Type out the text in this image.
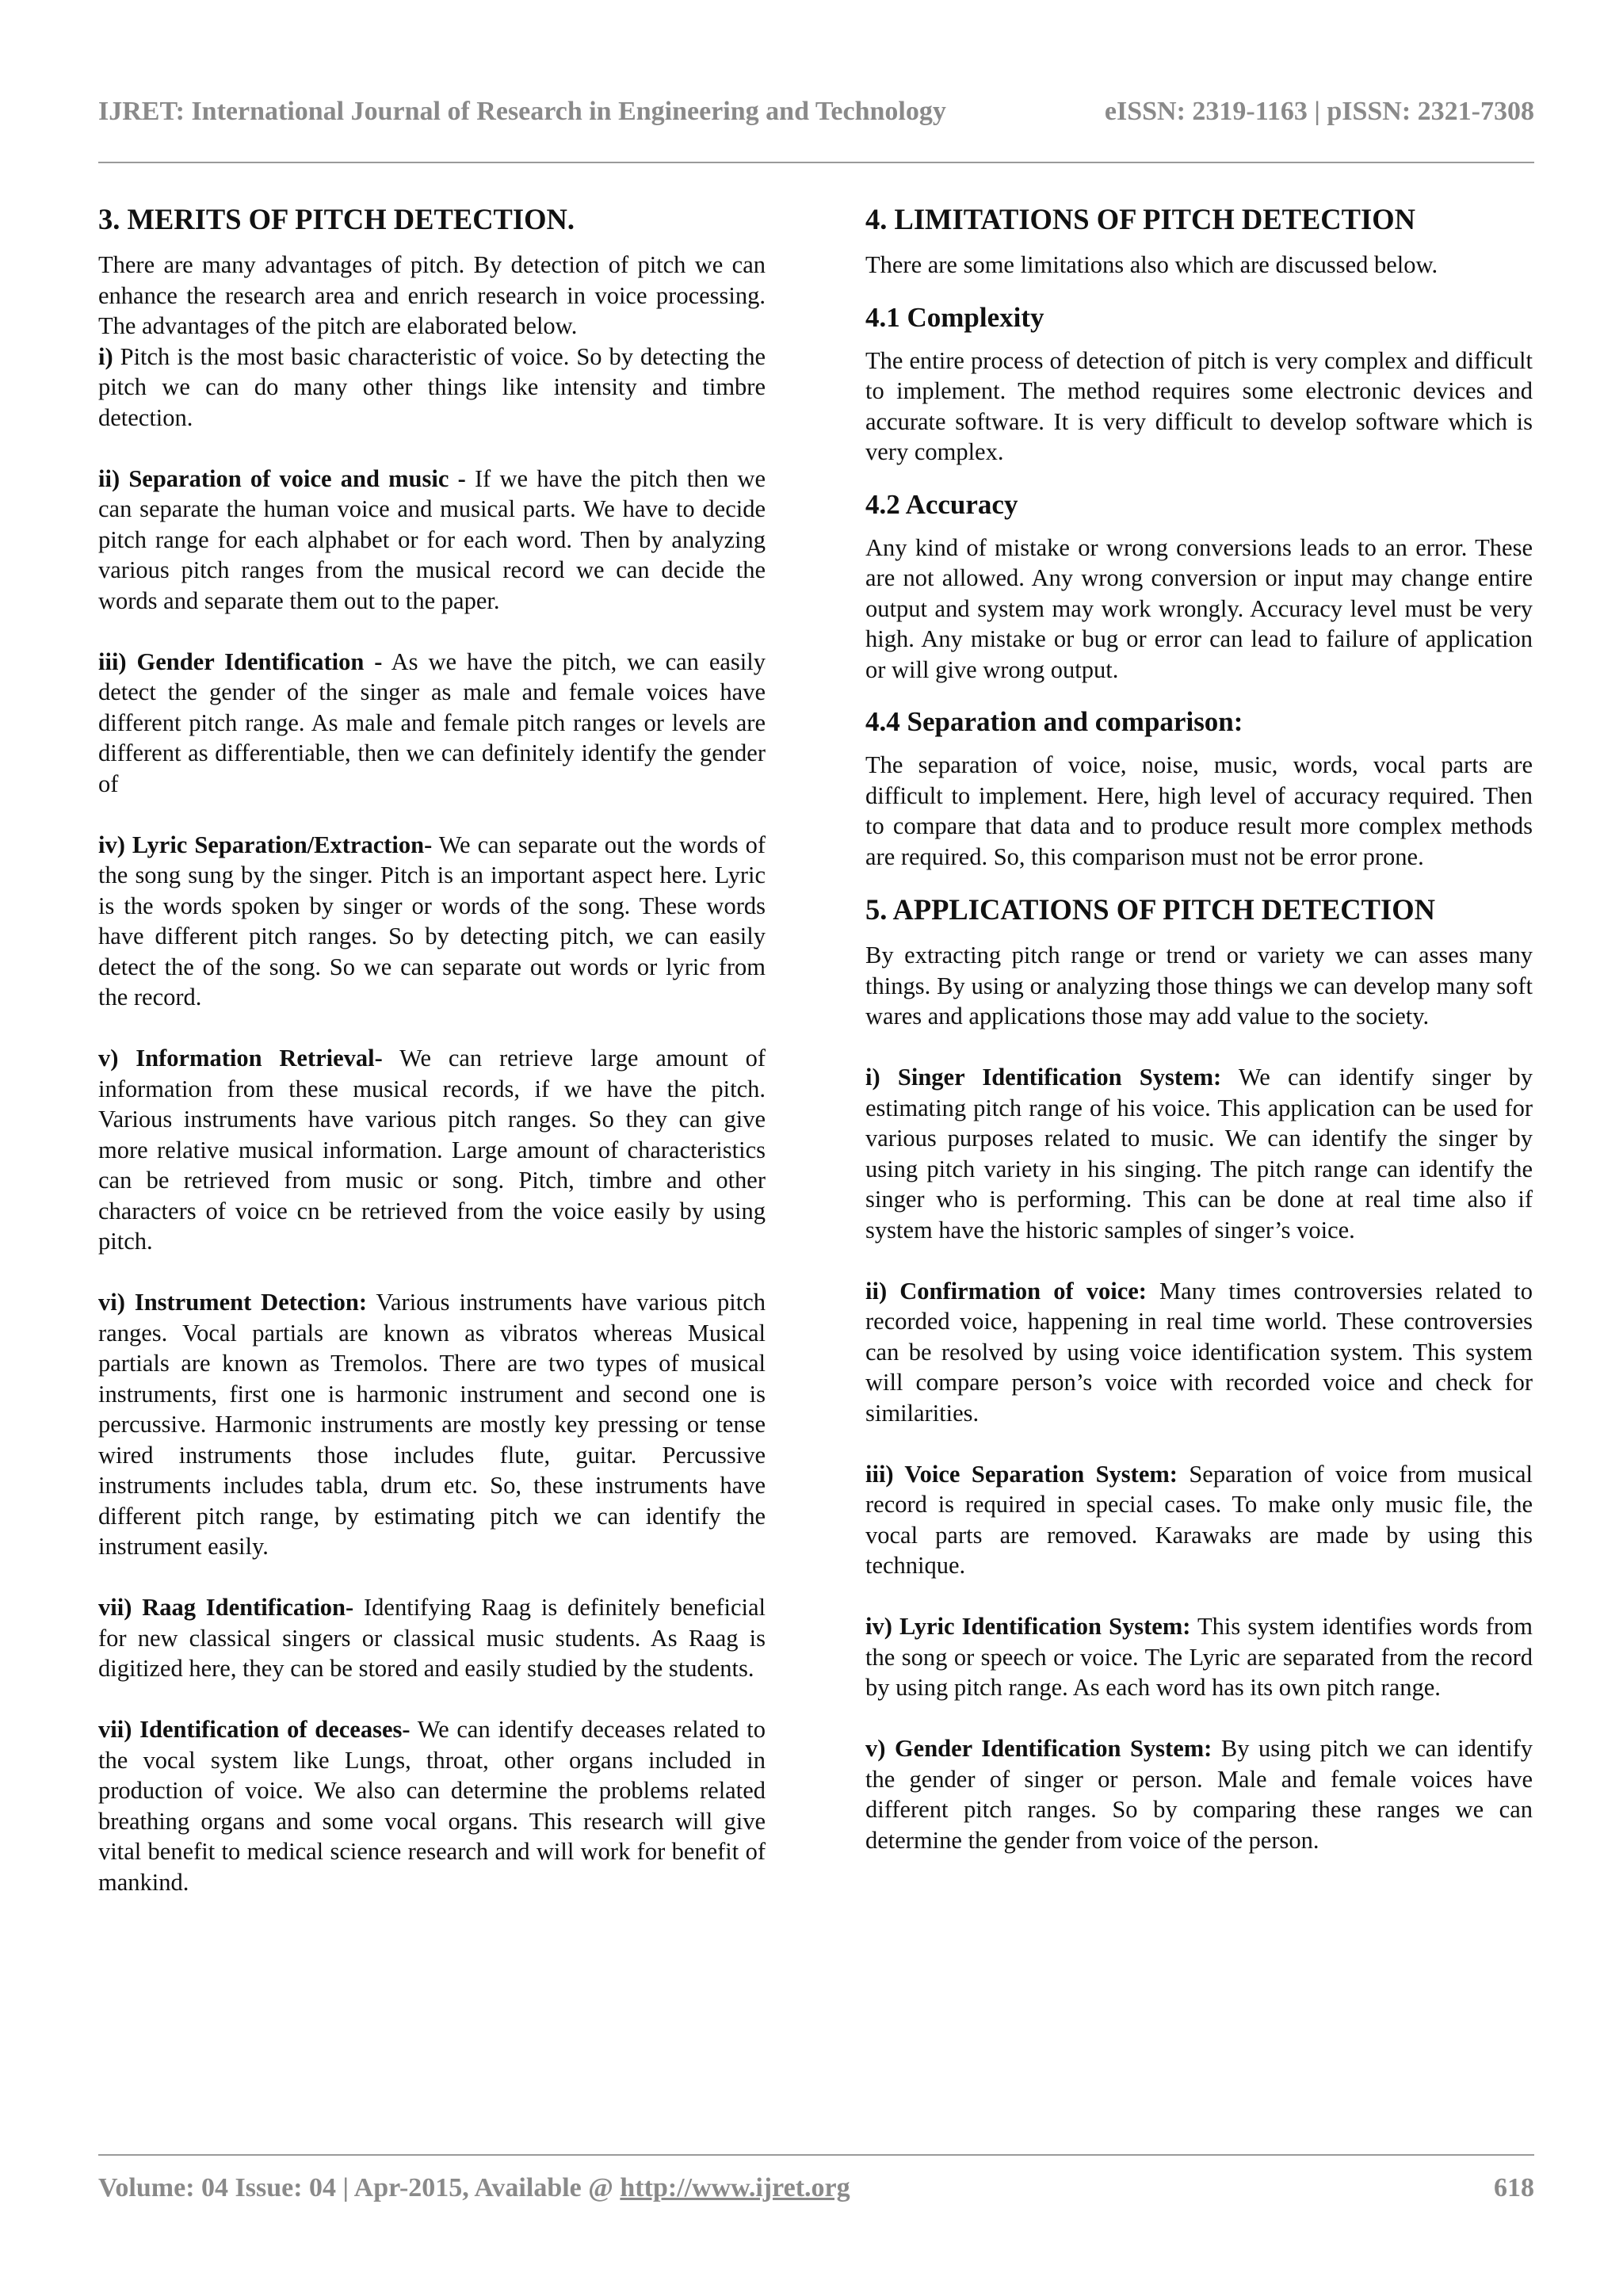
IJRET: International Journal of Research in Engineering and Technology	eISSN: 2319-1163 | pISSN: 2321-7308
3. MERITS OF PITCH DETECTION.

There are many advantages of pitch. By detection of pitch we can enhance the research area and enrich research in voice processing. The advantages of the pitch are elaborated below.

i) Pitch is the most basic characteristic of voice. So by detecting the pitch we can do many other things like intensity and timbre detection.

ii) Separation of voice and music - If we have the pitch then we can separate the human voice and musical parts. We have to decide pitch range for each alphabet or for each word. Then by analyzing various pitch ranges from the musical record we can decide the words and separate them out to the paper.

iii) Gender Identification - As we have the pitch, we can easily detect the gender of the singer as male and female voices have different pitch range. As male and female pitch ranges or levels are different as differentiable, then we can definitely identify the gender of

iv) Lyric Separation/Extraction- We can separate out the words of the song sung by the singer. Pitch is an important aspect here. Lyric is the words spoken by singer or words of the song. These words have different pitch ranges. So by detecting pitch, we can easily detect the of the song. So we can separate out words or lyric from the record.

v) Information Retrieval- We can retrieve large amount of information from these musical records, if we have the pitch. Various instruments have various pitch ranges. So they can give more relative musical information. Large amount of characteristics can be retrieved from music or song. Pitch, timbre and other characters of voice cn be retrieved from the voice easily by using pitch.

vi) Instrument Detection: Various instruments have various pitch ranges. Vocal partials are known as vibratos whereas Musical partials are known as Tremolos. There are two types of musical instruments, first one is harmonic instrument and second one is percussive. Harmonic instruments are mostly key pressing or tense wired instruments those includes flute, guitar. Percussive instruments includes tabla, drum etc. So, these instruments have different pitch range, by estimating pitch we can identify the instrument easily.

vii) Raag Identification- Identifying Raag is definitely beneficial for new classical singers or classical music students. As Raag is digitized here, they can be stored and easily studied by the students.

vii) Identification of deceases- We can identify deceases related to the vocal system like Lungs, throat, other organs included in production of voice. We also can determine the problems related breathing organs and some vocal organs. This research will give vital benefit to medical science research and will work for benefit of mankind.

4. LIMITATIONS OF PITCH DETECTION

There are some limitations also which are discussed below.

4.1 Complexity

The entire process of detection of pitch is very complex and difficult to implement. The method requires some electronic devices and accurate software. It is very difficult to develop software which is very complex.

4.2 Accuracy

Any kind of mistake or wrong conversions leads to an error. These are not allowed. Any wrong conversion or input may change entire output and system may work wrongly. Accuracy level must be very high. Any mistake or bug or error can lead to failure of application or will give wrong output.

4.4 Separation and comparison:

The separation of voice, noise, music, words, vocal parts are difficult to implement. Here, high level of accuracy required. Then to compare that data and to produce result more complex methods are required. So, this comparison must not be error prone.

5. APPLICATIONS OF PITCH DETECTION

By extracting pitch range or trend or variety we can asses many things. By using or analyzing those things we can develop many soft wares and applications those may add value to the society.

i) Singer Identification System: We can identify singer by estimating pitch range of his voice. This application can be used for various purposes related to music. We can identify the singer by using pitch variety in his singing. The pitch range can identify the singer who is performing. This can be done at real time also if system have the historic samples of singer’s voice.

ii) Confirmation of voice: Many times controversies related to recorded voice, happening in real time world. These controversies can be resolved by using voice identification system. This system will compare person’s voice with recorded voice and check for similarities.

iii) Voice Separation System: Separation of voice from musical record is required in special cases. To make only music file, the vocal parts are removed. Karawaks are made by using this technique.

iv) Lyric Identification System: This system identifies words from the song or speech or voice. The Lyric are separated from the record by using pitch range. As each word has its own pitch range.

v) Gender Identification System: By using pitch we can identify the gender of singer or person. Male and female voices have different pitch ranges. So by comparing these ranges we can determine the gender from voice of the person.

Volume: 04 Issue: 04 | Apr-2015, Available @ http://www.ijret.org	618
